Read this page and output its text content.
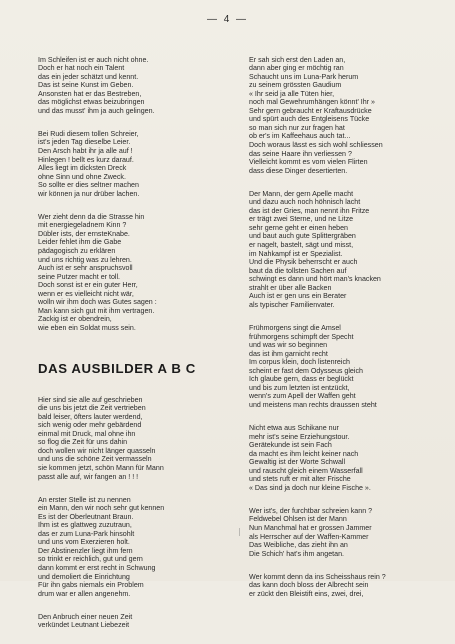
— 4 —

Im Schleifen ist er auch nicht ohne.
Doch er hat noch ein Talent
das ein jeder schätzt und kennt.
Das ist seine Kunst im Geben.
Ansonsten hat er das Bestreben,
das möglichst etwas beizubringen
und das musst' ihm ja auch gelingen.

Bei Rudi diesem tollen Schreier,
ist's jeden Tag dieselbe Leier.
Den Arsch habt ihr ja alle auf !
Hinlegen ! bellt es kurz darauf.
Alles liegt im dicksten Dreck
ohne Sinn und ohne Zweck.
So sollte er dies seltner machen
wir können ja nur drüber lachen.

Wer zieht denn da die Strasse hin
mit energiegeladnem Kinn ?
Dübler ists, der ernsteKnabe.
Leider fehlet ihm die Gabe
pädagogisch zu erklären
und uns richtig was zu lehren.
Auch ist er sehr anspruchsvoll
seine Putzer macht er toll.
Doch sonst ist er ein guter Herr,
wenn er es vielleicht nicht wär,
wolln wir ihm doch was Gutes sagen :
Man kann sich gut mit ihm vertragen.
Zackig ist er obendrein,
wie eben ein Soldat muss sein.

DAS AUSBILDER A B C

Hier sind sie alle auf geschrieben
die uns bis jetzt die Zeit vertrieben
bald leiser, öfters lauter werdend,
sich wenig oder mehr gebärdend
einmal mit Druck, mal ohne ihn
so flog die Zeit für uns dahin
doch wollen wir nicht länger quasseln
und uns die schöne Zeit vermasseln
sie kommen jetzt, schön Mann für Mann
passt alle auf, wir fangen an ! ! !

An erster Stelle ist zu nennen
ein Mann, den wir noch sehr gut kennen
Es ist der Oberleutnant Braun.
Ihm ist es glattweg zuzutraun,
das er zum Luna-Park hinsohlt
und uns vom Exerzieren holt.
Der Abstinenzler liegt ihm fern
so trinkt er reichlich, gut und gern
dann kommt er erst recht in Schwung
und demoliert die Einrichtung
Für ihn gabs niemals ein Problem
drum war er allen angenehm.

Den Anbruch einer neuen Zeit
verkündet Leutnant Liebezeit

Er sah sich erst den Laden an,
dann aber ging er möchtig ran
Schaucht uns im Luna-Park herum
zu seinem grössten Gaudium
« Ihr seid ja alle Tüten hier,
noch mal Gewehrumhängen könnt' Ihr »
Sehr gern gebraucht er Kraftausdrücke
und spürt auch des Entgleisens Tücke
so man sich nur zur fragen hat
ob er's im Kaffeehaus auch tat...
Doch woraus lässt es sich wohl schliessen
das seine Haare ihn verliessen ?
Vielleicht kommt es vom vielen Flirten
dass diese Dinger desertierten.

Der Mann, der gern Apelle macht
und dazu auch noch höhnisch lacht
das ist der Gries, man nennt ihn Fritze
er trägt zwei Sterne, und ne Litze
sehr gerne geht er einen heben
und baut auch gute Splittergräben
er nagelt, bastelt, sägt und misst,
im Nahkampf ist er Spezialist.
Und die Physik beherrscht er auch
baut da die tollsten Sachen auf
schwingt es dann und hört man's knacken
strahlt er über alle Backen
Auch ist er gen uns ein Berater
als typischer Familienvater.

Frühmorgens singt die Amsel
frühmorgens schimpft der Specht
und was wir so beginnen
das ist ihm garnicht recht
Im corpus klein, doch listenreich
scheint er fast dem Odysseus gleich
Ich glaube gern, dass er beglückt
und bis zum letzten ist entzückt,
wenn's zum Apell der Waffen geht
und meistens man rechts draussen steht

Nicht etwa aus Schikane nur
mehr ist's seine Erziehungstour.
Gerätekunde ist sein Fach
da macht es ihm leicht keiner nach
Gewaltig ist der Worte Schwall
und rauscht gleich einem Wasserfall
und stets ruft er mit alter Frische
« Das sind ja doch nur kleine Fische ».

Wer ist's, der furchtbar schreien kann ?
Feldwebel Ohlsen ist der Mann
Nun Manchmal hat er grossen Jammer
als Herrscher auf der Waffen-Kammer
Das Weibliche, das zieht ihn an
Die Schich' hat's ihm angetan.

Wer kommt denn da ins Scheisshaus rein ?
das kann doch bloss der Albrecht sein
er zückt den Bleistift eins, zwei, drei,
